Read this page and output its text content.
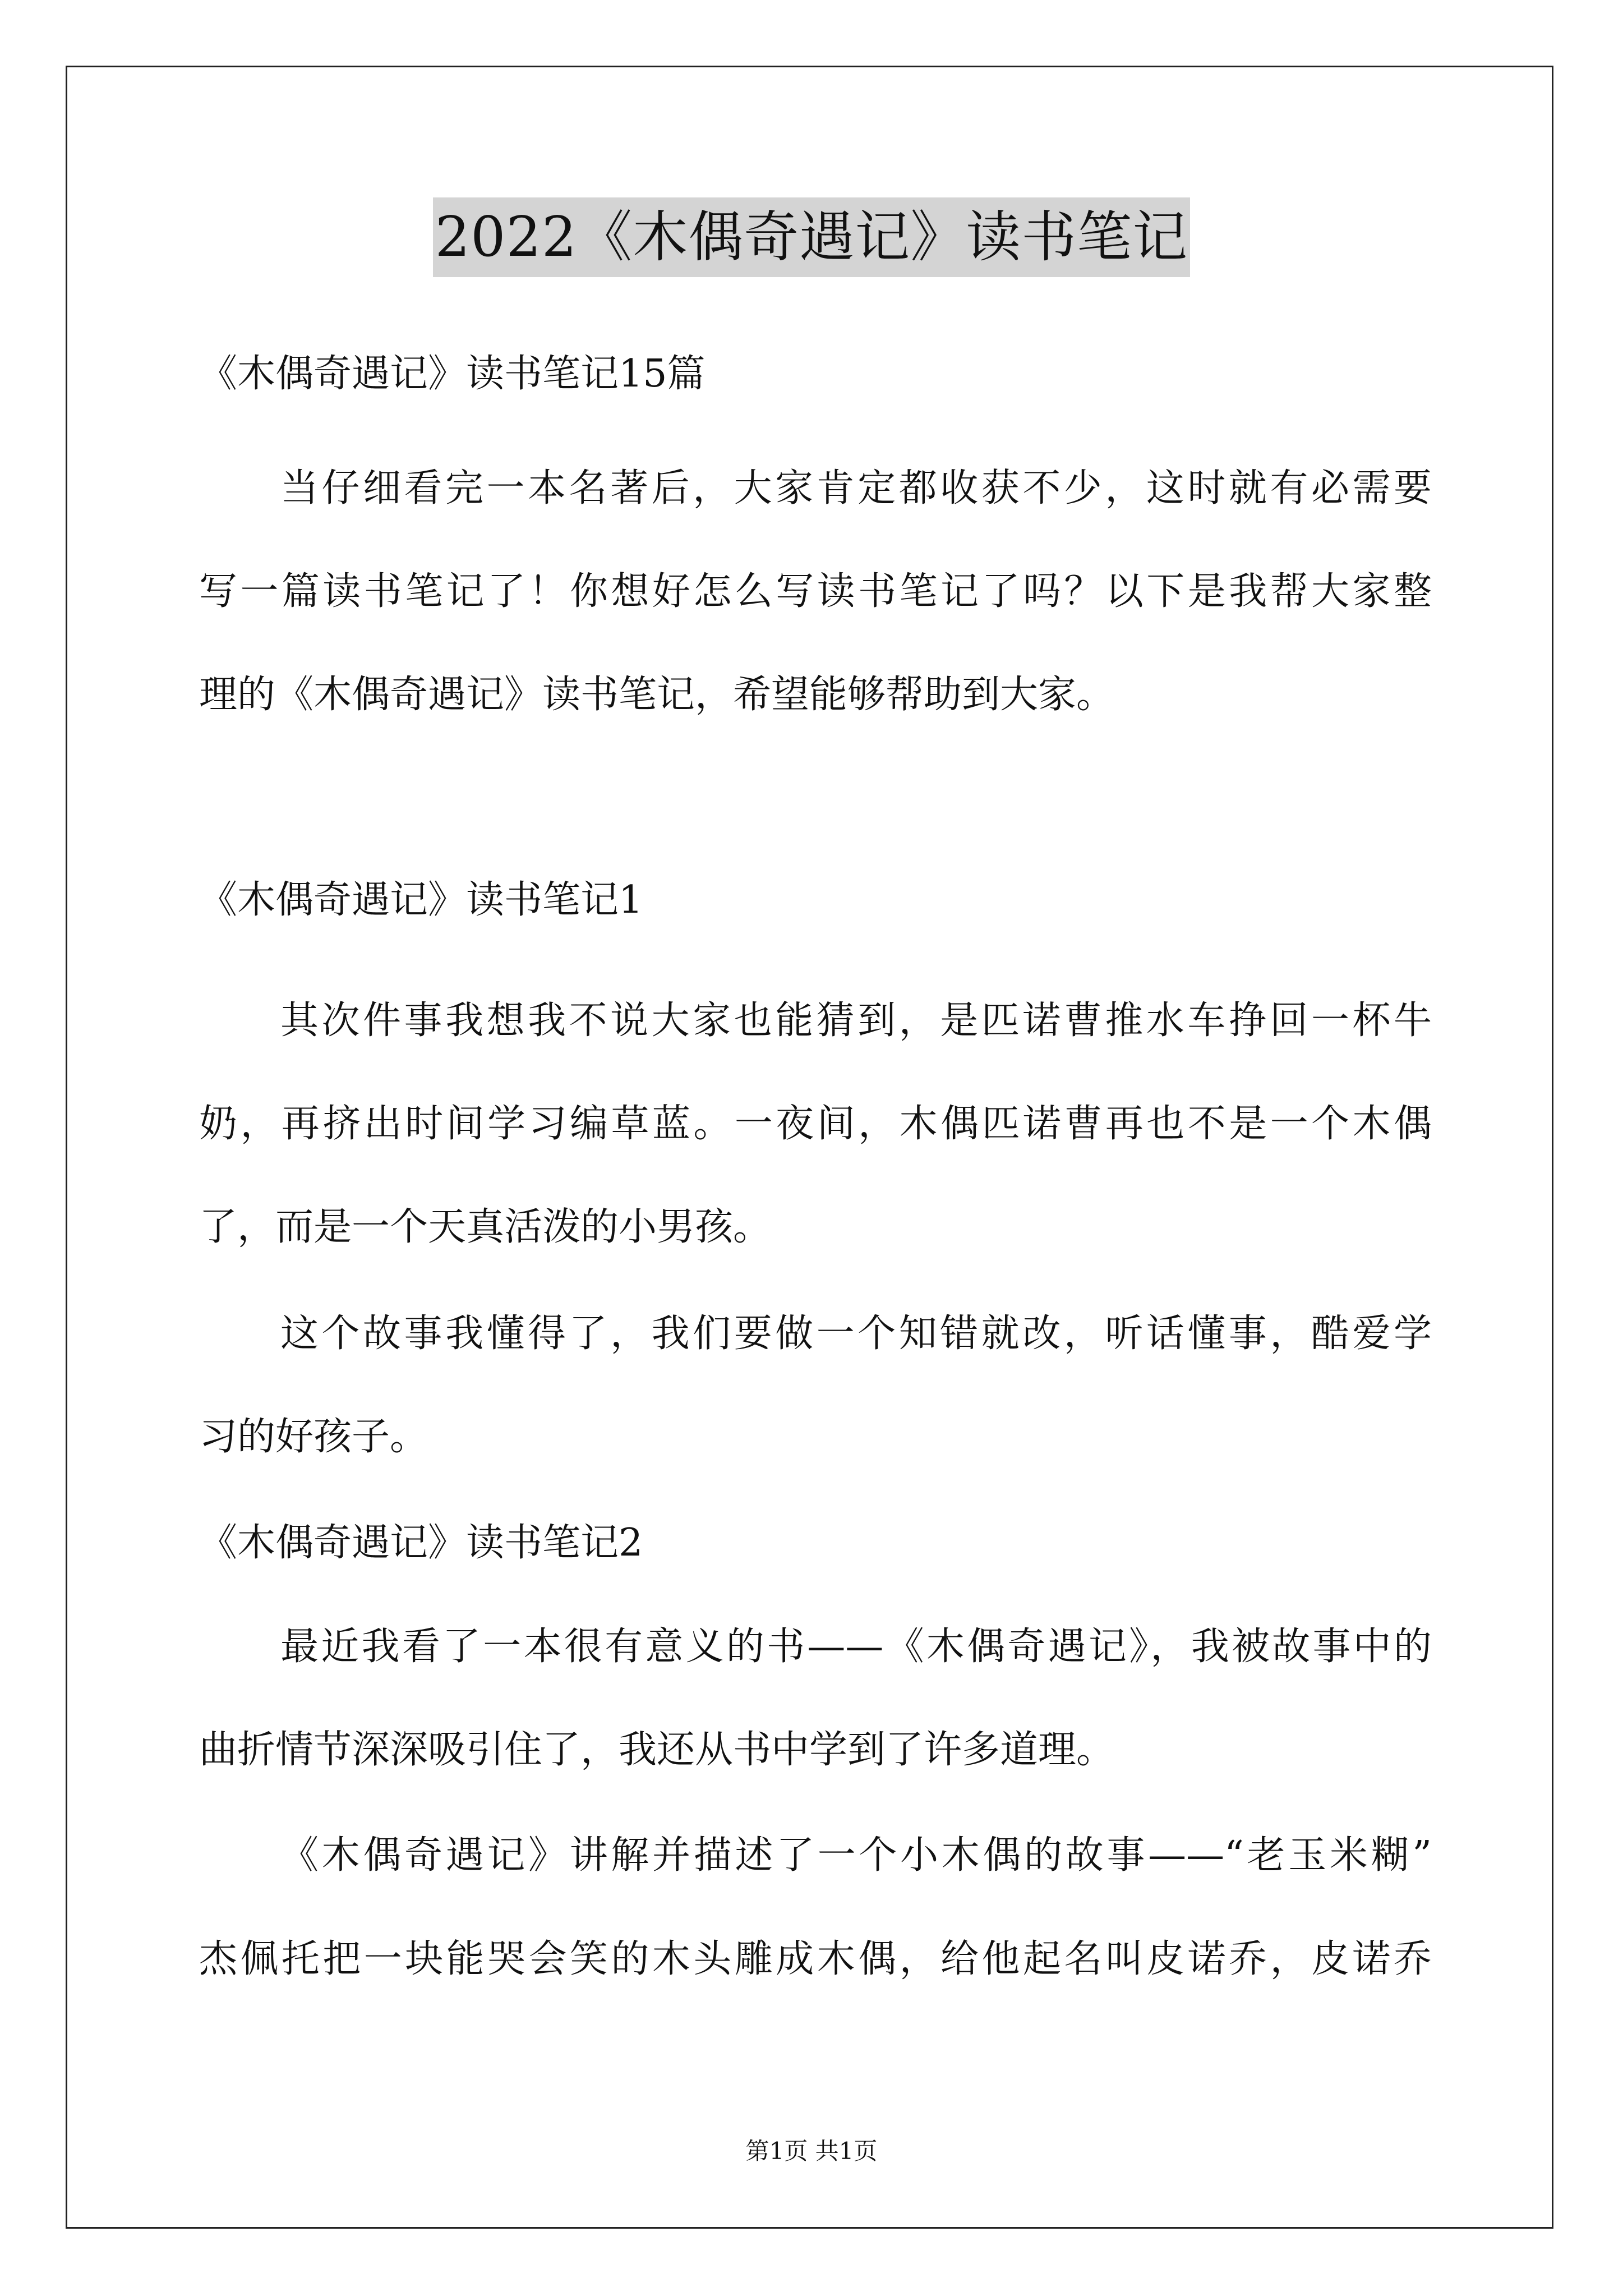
2022《木偶奇遇记》读书笔记
《木偶奇遇记》读书笔记15篇
当仔细看完一本名著后，大家肯定都收获不少，这时就有必需要
写一篇读书笔记了！你想好怎么写读书笔记了吗？以下是我帮大家整
理的《木偶奇遇记》读书笔记，希望能够帮助到大家。
《木偶奇遇记》读书笔记1
其次件事我想我不说大家也能猜到，是匹诺曹推水车挣回一杯牛
奶，再挤出时间学习编草蓝。一夜间，木偶匹诺曹再也不是一个木偶
了，而是一个天真活泼的小男孩。
这个故事我懂得了，我们要做一个知错就改，听话懂事，酷爱学
习的好孩子。
《木偶奇遇记》读书笔记2
最近我看了一本很有意义的书——《木偶奇遇记》，我被故事中的
曲折情节深深吸引住了，我还从书中学到了许多道理。
《木偶奇遇记》讲解并描述了一个小木偶的故事——“老玉米糊”
杰佩托把一块能哭会笑的木头雕成木偶，给他起名叫皮诺乔，皮诺乔
第1页 共1页
